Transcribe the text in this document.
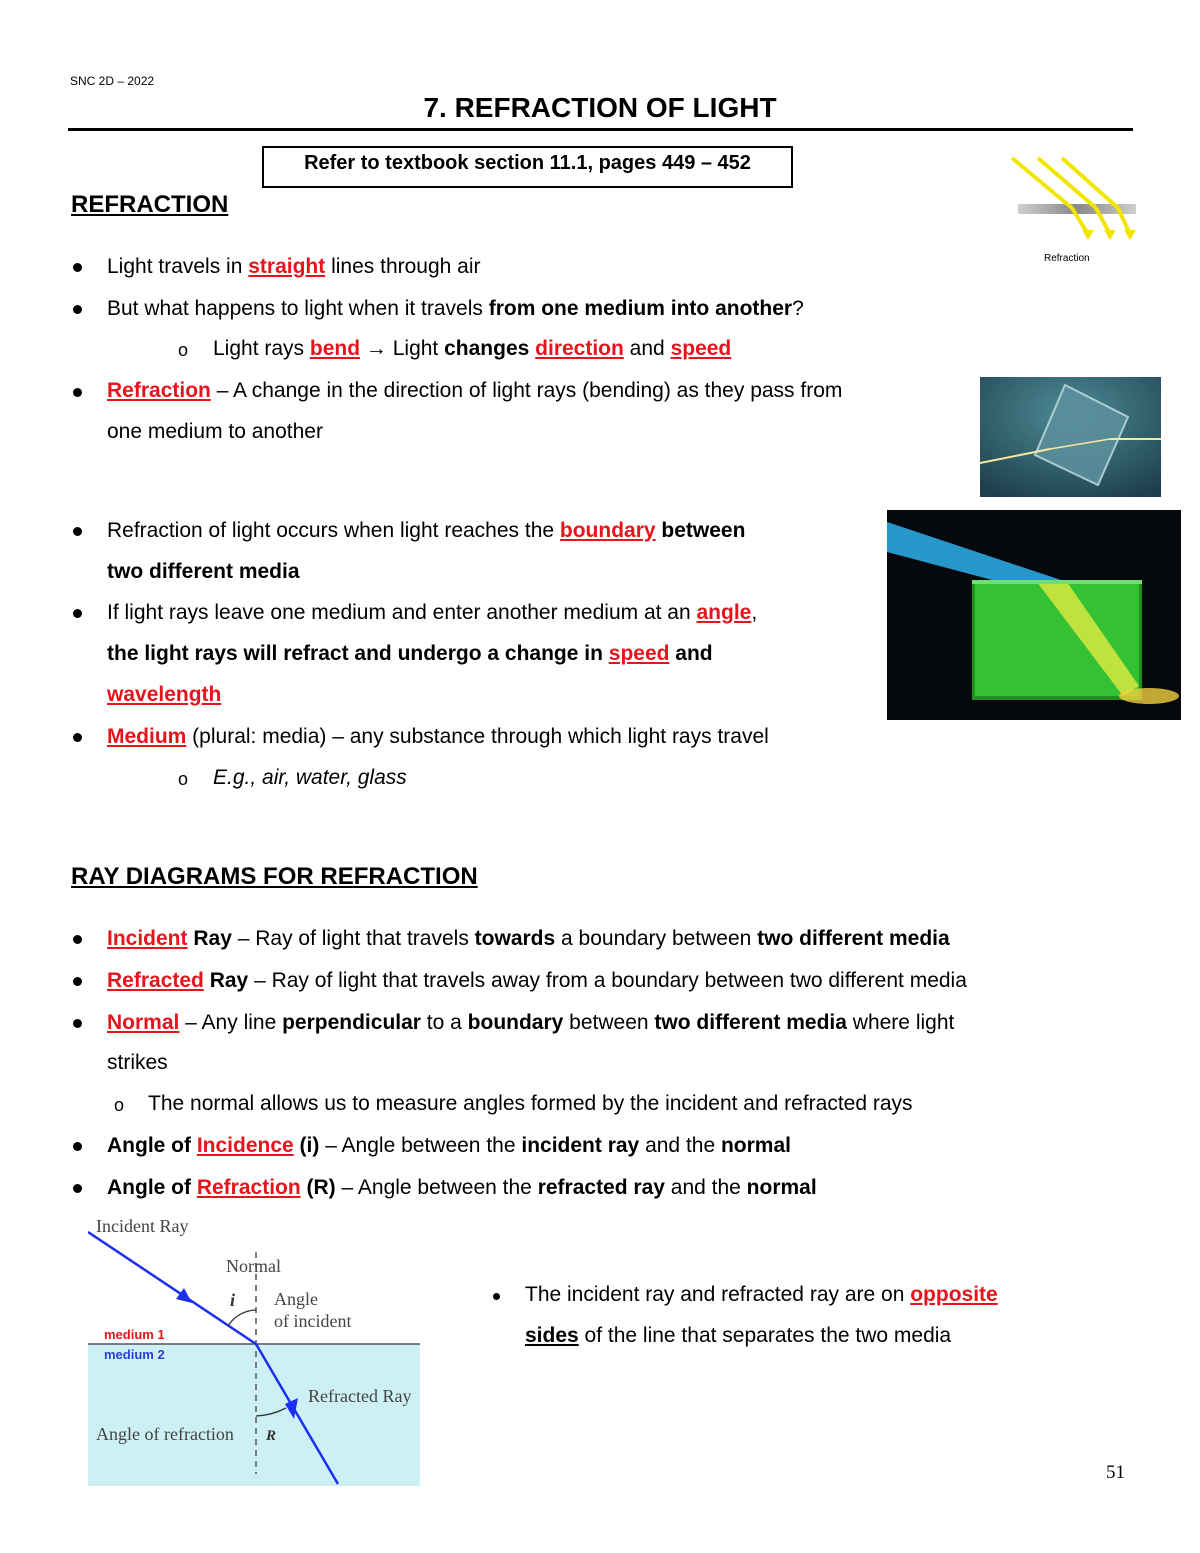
SNC 2D – 2022
7. REFRACTION OF LIGHT
Refer to textbook section 11.1, pages 449 – 452
Refraction
REFRACTION
Light travels in straight lines through air
But what happens to light when it travels from one medium into another?
o Light rays bend → Light changes direction and speed
Refraction – A change in the direction of light rays (bending) as they pass from
one medium to another
Refraction of light occurs when light reaches the boundary between
two different media
If light rays leave one medium and enter another medium at an angle,
the light rays will refract and undergo a change in speed and
wavelength
Medium (plural: media) – any substance through which light rays travel
o E.g., air, water, glass
RAY DIAGRAMS FOR REFRACTION
Incident Ray – Ray of light that travels towards a boundary between two different media
Refracted Ray – Ray of light that travels away from a boundary between two different media
Normal – Any line perpendicular to a boundary between two different media where light
strikes
o The normal allows us to measure angles formed by the incident and refracted rays
Angle of Incidence (i) – Angle between the incident ray and the normal
Angle of Refraction (R) – Angle between the refracted ray and the normal
The incident ray and refracted ray are on opposite
sides of the line that separates the two media
Incident Ray
Normal
i Angle
of incident
medium 1
medium 2
Refracted Ray
Angle of refraction R
51
